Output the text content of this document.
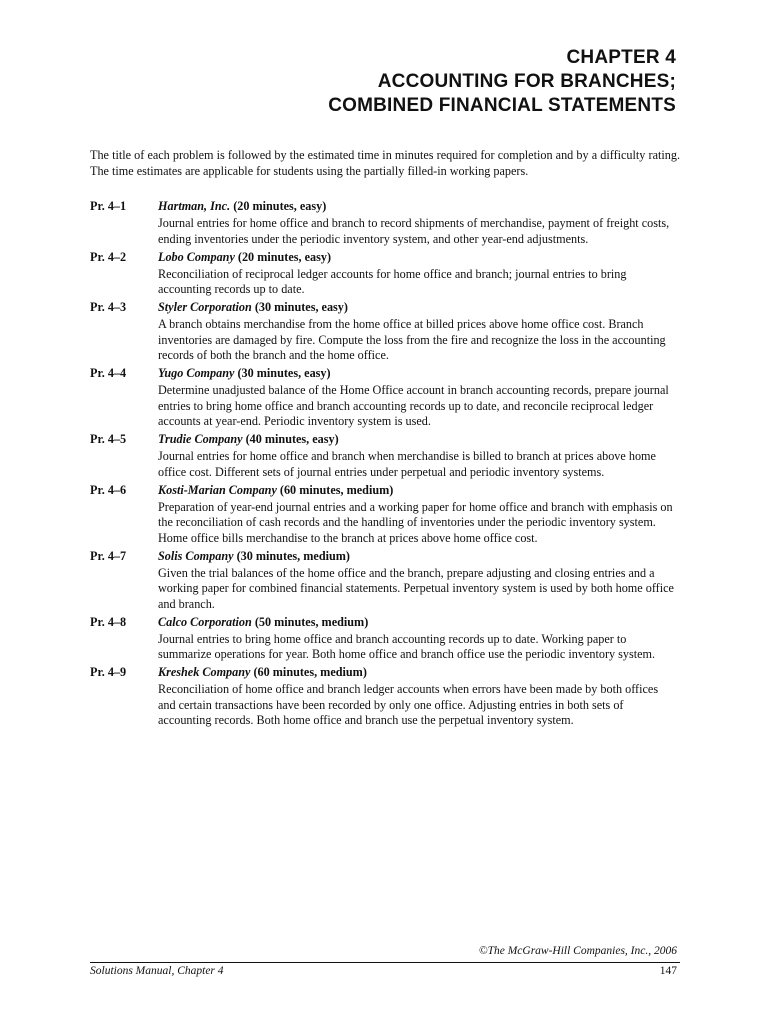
CHAPTER 4
ACCOUNTING FOR BRANCHES;
COMBINED FINANCIAL STATEMENTS
The title of each problem is followed by the estimated time in minutes required for completion and by a difficulty rating. The time estimates are applicable for students using the partially filled-in working papers.
Pr. 4–1	Hartman, Inc. (20 minutes, easy)
Journal entries for home office and branch to record shipments of merchandise, payment of freight costs, ending inventories under the periodic inventory system, and other year-end adjustments.
Pr. 4–2	Lobo Company (20 minutes, easy)
Reconciliation of reciprocal ledger accounts for home office and branch; journal entries to bring accounting records up to date.
Pr. 4–3	Styler Corporation (30 minutes, easy)
A branch obtains merchandise from the home office at billed prices above home office cost. Branch inventories are damaged by fire. Compute the loss from the fire and recognize the loss in the accounting records of both the branch and the home office.
Pr. 4–4	Yugo Company (30 minutes, easy)
Determine unadjusted balance of the Home Office account in branch accounting records, prepare journal entries to bring home office and branch accounting records up to date, and reconcile reciprocal ledger accounts at year-end. Periodic inventory system is used.
Pr. 4–5	Trudie Company (40 minutes, easy)
Journal entries for home office and branch when merchandise is billed to branch at prices above home office cost. Different sets of journal entries under perpetual and periodic inventory systems.
Pr. 4–6	Kosti-Marian Company (60 minutes, medium)
Preparation of year-end journal entries and a working paper for home office and branch with emphasis on the reconciliation of cash records and the handling of inventories under the periodic inventory system. Home office bills merchandise to the branch at prices above home office cost.
Pr. 4–7	Solis Company (30 minutes, medium)
Given the trial balances of the home office and the branch, prepare adjusting and closing entries and a working paper for combined financial statements. Perpetual inventory system is used by both home office and branch.
Pr. 4–8	Calco Corporation (50 minutes, medium)
Journal entries to bring home office and branch accounting records up to date. Working paper to summarize operations for year. Both home office and branch office use the periodic inventory system.
Pr. 4–9	Kreshek Company (60 minutes, medium)
Reconciliation of home office and branch ledger accounts when errors have been made by both offices and certain transactions have been recorded by only one office. Adjusting entries in both sets of accounting records. Both home office and branch use the perpetual inventory system.
©The McGraw-Hill Companies, Inc., 2006
Solutions Manual, Chapter 4	147
